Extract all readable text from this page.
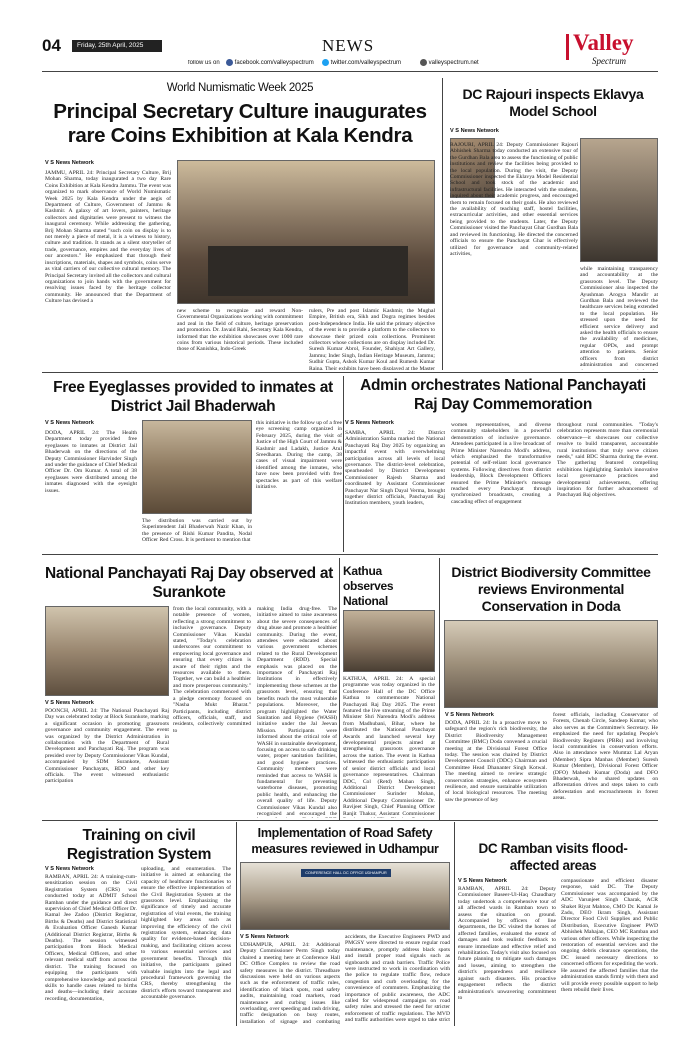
04	Friday, 25th April, 2025	NEWS
follow us on	facebook.com/valleyspectrum	twitter.com/valleyspectrum	valleyspectrum.net
Valley
Spectrum
World Numismatic Week 2025
Principal Secretary Culture inaugurates rare Coins Exhibition at Kala Kendra
V S News Network
JAMMU, APRIL 24: Principal Secretary Culture, Brij Mohan Sharma, today inaugurated a two day Rare Coins Exhibition at Kala Kendra Jammu. The event was organized to mark observance of World Numismatic Week 2025 by Kala Kendra under the aegis of Department of Culture, Government of Jammu & Kashmir. A galaxy of art lovers, painters, heritage collectors and dignitaries were present to witness the inaugural ceremony. While addressing the gathering, Brij Mohan Sharma stated "such coin on display is to not merely a piece of metal, it is a witness to history, culture and tradition. It stands as a silent storyteller of trade, governance, empires and the everyday lives of our ancestors." He emphasized that through their inscriptions, materials, shapes and symbols, coins serve as vital carriers of our collective cultural memory. The Principal Secretary invited all the collectors and cultural organizations to join hands with the government for resolving issues faced by the heritage collector community. He announced that the Department of Culture has devised a
new scheme to recognize and reward Non-Governmental Organizations working with commitment and zeal in the field of culture, heritage preservation and promotion. Dr. Javaid Rahi, Secretary Kala Kendra, informed that the exhibition showcases over 1000 rare coins from various historical periods. These included those of Kanishka, Indo-Greek
rulers, Pre and post Islamic Kashmir, the Mughal Empire, British era, Sikh and Dogra regimes besides post-Independence India. He said the primary objective of the event is to provide a platform to the collectors to showcase their prized coin collections. Prominent collectors whose collections are on display included Dr. Suresh Kumar Abrol, Founder, Shahiyat Art Gallery, Jammu; Inder Singh, Indian Heritage Museum, Jammu; Sudhir Gupta, Ashok Kumar Koul and Rumesh Kumar Raina. Their exhibits have been displayed at the Master
DC Rajouri inspects Eklavya Model School
V S News Network
RAJOURI, APRIL 24: Deputy Commissioner Rajouri Abhishek Sharma today conducted an extensive tour of the Gurdhan Bala area to assess the functioning of public institutions and review the facilities being provided to the local population. During the visit, the Deputy Commissioner inspected the Eklavya Model Residential School and took stock of the academic and infrastructural facilities. He interacted with the students, inquired about their academic progress, and encouraged them to remain focused on their goals. He also reviewed the availability of teaching staff, hostel facilities, extracurricular activities, and other essential services being provided to the students. Later, the Deputy Commissioner visited the Panchayat Ghar Gurdhan Bala and reviewed its functioning. He directed the concerned officials to ensure the Panchayat Ghar is effectively utilized for governance and community-related activities,
while maintaining transparency and accountability at the grassroots level. The Deputy Commissioner also inspected the Ayushman Arogya Mandir at Gurdhan Bala and reviewed the healthcare services being extended to the local population. He stressed upon the need for efficient service delivery and asked the health officials to ensure the availability of medicines, regular OPDs, and prompt attention to patients. Senior officers from district administration and concerned
Free Eyeglasses provided to inmates at District Jail Bhaderwah
V S News Network
DODA, APRIL 24: The Health Department today provided free eyeglasses to inmates at District Jail Bhaderwah on the directions of the Deputy Commissioner Harvinder Singh and under the guidance of Chief Medical Officer Dr. Om Kumar. A total of 38 eyeglasses were distributed among the inmates diagnosed with the eyesight issues.
The distribution was carried out by Superintendent Jail Bhaderwah Nazir Khan, in the presence of Rishi Kumar Pandita, Nodal Officer Red Cross. It is pertinent to mention that
this initiative is the follow up of a free eye screening camp organized in February 2025, during the visit of Justice of the High Court of Jammu & Kashmir and Ladakh, Justice Atul Sreedharan. During the camp, 38 cases of visual impairment were identified among the inmates, who have now been provided with free spectacles as part of this welfare initiative.
Admin orchestrates National Panchayati Raj Day Commemoration
V S News Network
SAMBA, APRIL 24: District Administration Samba marked the National Panchayati Raj Day 2025 by organizing an impactful event with overwhelming participation across all levels of local governance. The district-level celebration, spearheaded by District Development Commissioner Rajesh Sharma and coordinated by Assistant Commissioner Panchayat Nar Singh Dayal Verma, brought together district officials, Panchayati Raj Institution members, youth leaders,
women representatives, and diverse community stakeholders in a powerful demonstration of inclusive governance. Attendees participated in a live broadcast of Prime Minister Narendra Modi's address, which emphasized the transformative potential of self-reliant local governance systems. Following directives from district leadership, Block Development Officers ensured the Prime Minister's message reached every Panchayat through synchronized broadcasts, creating a cascading effect of engagement
throughout rural communities. "Today's celebration represents more than ceremonial observance—it showcases our collective resolve to build transparent, accountable rural institutions that truly serve citizen needs," said BDC Sharma during the event. The gathering featured compelling exhibitions highlighting Samba's innovative local governance practices and developmental achievements, offering inspiration for further advancement of Panchayati Raj objectives.
National Panchayati Raj Day observed at Surankote
V S News Network
POONCH, APRIL 24: The National Panchayati Raj Day was celebrated today at Block Surankote, marking a significant occasion in promoting grassroots governance and community engagement. The event was organized by the District Administration in collaboration with the Department of Rural Development and Panchayati Raj. The program was presided over by Deputy Commissioner Vikas Kundal, accompanied by SDM Surankote, Assistant Commissioner Panchayats, BDO and other key officials. The event witnessed enthusiastic participation
from the local community, with a notable presence of women, reflecting a strong commitment to inclusive governance. Deputy Commissioner Vikas Kundal stated, "Today's celebration underscores our commitment to empowering local governance and ensuring that every citizen is aware of their rights and the resources available to them. Together, we can build a healthier and more prosperous community." The celebration commenced with a pledge ceremony focused on "Nasha Mukt Bharat." Participants, including district officers, officials, staff, and residents, collectively committed to
making India drug-free. The initiative aimed to raise awareness about the severe consequences of drug abuse and promote a healthier community. During the event, attendees were educated about various government schemes related to the Rural Development Department (RDD). Special emphasis was placed on the importance of Panchayati Raj Institutions in effectively implementing these schemes at the grassroots level, ensuring that benefits reach the most vulnerable populations. Moreover, the program highlighted the Water Sanitation and Hygiene (WASH) initiative under the Jal Jeevan Mission. Participants were informed about the critical role of WASH in sustainable development, focusing on access to safe drinking water, proper sanitation facilities, and good hygiene practices. Community members were reminded that access to WASH is fundamental for preventing waterborne diseases, promoting public health, and enhancing the overall quality of life. Deputy Commissioner Vikas Kundal also recognized and encouraged the
Kathua observes National
KATHUA, APRIL 24: A special programme was today organized in the Conference Hall of the DC Office Kathua to commemorate National Panchayati Raj Day 2025. The event featured the live streaming of the Prime Minister Shri Narendra Modi's address from Madhubani, Bihar, where he distributed the National Panchayat Awards and launched several key developmental projects aimed at strengthening grassroots governance across the nation. The event in Kathua witnessed the enthusiastic participation of senior district officials and local governance representatives. Chairman DDC, Col (Retd) Mahan Singh, Additional District Development Commissioner Surinder Mohan, Additional Deputy Commissioner Dr. Ravijeet Singh, Chief Planning Officer Ranjit Thakur, Assistant Commissioner
District Biodiversity Committee reviews Environmental Conservation in Doda
V S News Network
DODA, APRIL 24: In a proactive move to safeguard the region's rich biodiversity, the District Biodiversity Management Committee (BMC) Doda convened a crucial meeting at the Divisional Forest Office today. The session was chaired by District Development Council (DDC) Chairman and Committee Head Dhananter Singh Kotwal. The meeting aimed to review strategic conservation strategies, enhance ecosystem resilience, and ensure sustainable utilization of local biological resources. The meeting saw the presence of key
forest officials, including Conservator of Forests, Chenab Circle, Sandeep Kumar, who also serves as the Committee's Secretary. He emphasized the need for updating People's Biodiversity Registers (PBRs) and involving local communities in conservation efforts. Also in attendance were Mumtaz Lal Aryan (Member) Sipra Manhas (Member) Suresh Kumar (Member), Divisional Forest Officer (DFO) Mahesh Kumar (Doda) and DFO Bhaderwah, who shared updates on afforestation drives and steps taken to curb deforestation and encroachments in forest areas.
Training on civil Registration System
V S News Network
RAMBAN, APRIL 24: A training-cum-sensitization session on the Civil Registration System (CRS) was conducted today at ADMIT School Ramban under the guidance and direct supervision of Chief Medical Officer Dr. Kamal Jee Zadoo (District Registrar, Births & Deaths) and District Statistical & Evaluation Officer Ganesh Kumar (Additional District Registrar, Births & Deaths). The session witnessed participation from Block Medical Officers, Medical Officers, and other relevant medical staff from across the district. The training focused on equipping the participants with comprehensive knowledge and practical skills to handle cases related to births and deaths—including their accurate recording, documentation,
uploading, and enumeration. The initiative is aimed at enhancing the capacity of healthcare functionaries to ensure the effective implementation of the Civil Registration System at the grassroots level. Emphasizing the significance of timely and accurate registration of vital events, the training highlighted key areas such as improving the efficiency of the civil registration system, enhancing data quality for evidence-based decision-making, and facilitating citizen access to various essential services and government benefits. Through this initiative, the participants gained valuable insights into the legal and procedural framework governing the CRS, thereby strengthening the district's efforts toward transparent and accountable governance.
Implementation of Road Safety measures reviewed in Udhampur
CONFERENCE HALL DC OFFICE UDHAMPUR
V S News Network
UDHAMPUR, APRIL 24: Additional Deputy Commissioner Perm Singh today chaired a meeting here at Conference Hall DC Office Complex to review the road safety measures in the district. Threadbare discussions were held on various aspects such as the enforcement of traffic rules, identification of black spots, road safety audits, maintaining road markets, road maintenance and curbing issues like overloading, over speeding and rash driving, traffic designation on busy routes, installation of signage and combating
accidents, the Executive Engineers PWD and PMGSY were directed to ensure regular road maintenance, promptly address black spots and install proper road signals such as signboards and crash barriers. Traffic Police were instructed to work in coordination with the police to regulate traffic flow, reduce congestion and curb overloading for the convenience of commuters. Emphasizing the importance of public awareness, the ADC called for widespread campaigns on road safety rules and stressed the need for stricter enforcement of traffic regulations. The MVD and traffic authorities were urged to take strict
DC Ramban visits flood-affected areas
V S News Network
RAMBAN, APRIL 24: Deputy Commissioner Baseer-Ul-Haq Chaudhary today undertook a comprehensive tour of all affected wards in Ramban town to assess the situation on ground. Accompanied by officers of line departments, the DC visited the homes of affected families, evaluated the extent of damages and took realistic feedback to ensure immediate and effective relief and rehabilitation. Today's visit also focused on future planning to mitigate such damages and losses, aiming to strengthen the district's preparedness and resilience against such disasters. His proactive engagement reflects the district administration's unwavering commitment to
compassionate and efficient disaster response, said DC. The Deputy Commissioner was accompanied by the ADC Varunjeet Singh Charak, ACR Shaket Riyat Mahtoo, CMO Dr. Kamal Je Zadu, DEO Ikram Singh, Assistant Director Food Civil Supplies and Public Distribution, Executive Engineer PWD Abhishek Mahajan, CEO MC Ramban and various other officers. While inspecting the restoration of essential services and the ongoing debris clearance operations, the DC issued necessary directions to concerned officers for expediting the work. He assured the affected families that the administration stands firmly with them and will provide every possible support to help them rebuild their lives.
